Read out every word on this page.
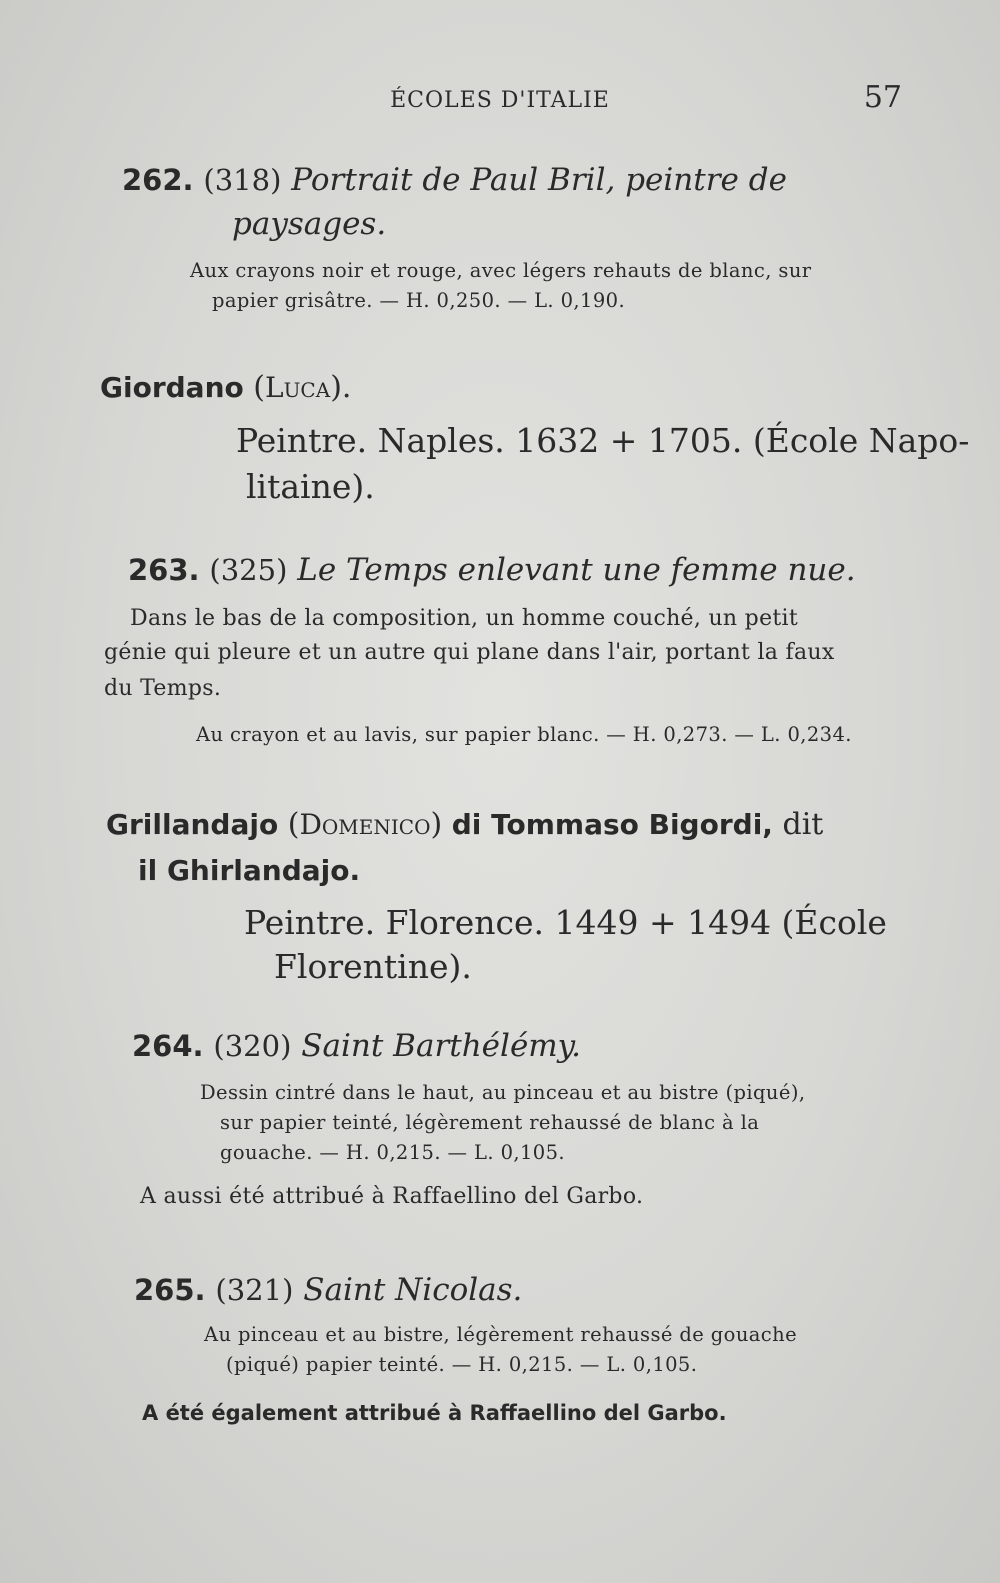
ÉCOLES D'ITALIE	57
262. (318) Portrait de Paul Bril, peintre de
paysages.
Aux crayons noir et rouge, avec légers rehauts de blanc, sur
papier grisâtre. — H. 0,250. — L. 0,190.
Giordano (Luca).
Peintre. Naples. 1632 + 1705. (École Napo-
litaine).
263. (325) Le Temps enlevant une femme nue.
Dans le bas de la composition, un homme couché, un petit
génie qui pleure et un autre qui plane dans l'air, portant la faux
du Temps.
Au crayon et au lavis, sur papier blanc. — H. 0,273. — L. 0,234.
Grillandajo (Domenico) di Tommaso Bigordi, dit
il Ghirlandajo.
Peintre. Florence. 1449 + 1494 (École
Florentine).
264. (320) Saint Barthélémy.
Dessin cintré dans le haut, au pinceau et au bistre (piqué),
sur papier teinté, légèrement rehaussé de blanc à la
gouache. — H. 0,215. — L. 0,105.
A aussi été attribué à Raffaellino del Garbo.
265. (321) Saint Nicolas.
Au pinceau et au bistre, légèrement rehaussé de gouache
(piqué) papier teinté. — H. 0,215. — L. 0,105.
A été également attribué à Raffaellino del Garbo.
